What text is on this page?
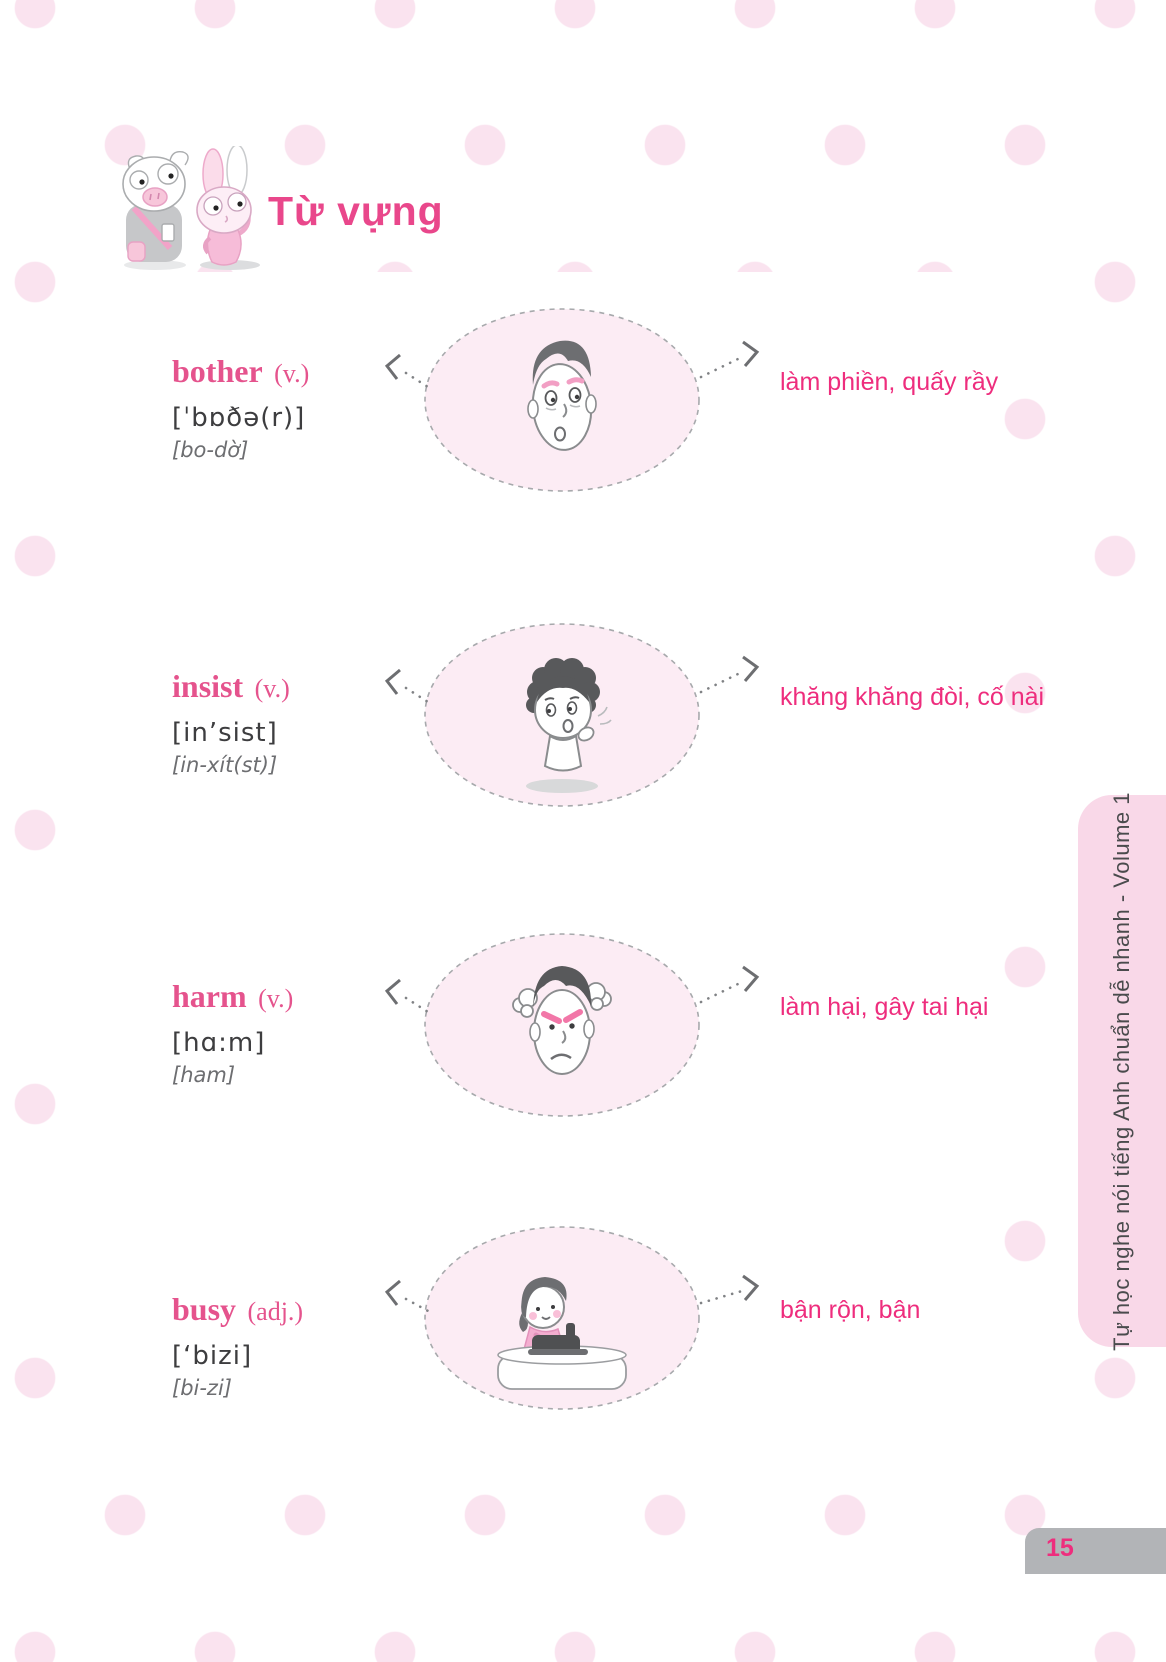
Từ vựng
bother (v.)
[ˈbɒðə(r)]
[bo-dờ]
làm phiền, quấy rầy
insist (v.)
[in’sist]
[in-xít(st)]
khăng khăng đòi, cố nài
harm (v.)
[hɑ:m]
[ham]
làm hại, gây tai hại
busy (adj.)
[‘bizi]
[bi-zi]
bận rộn, bận	Tự học nghe nói tiếng Anh chuẩn dễ nhanh - Volume 1
15
